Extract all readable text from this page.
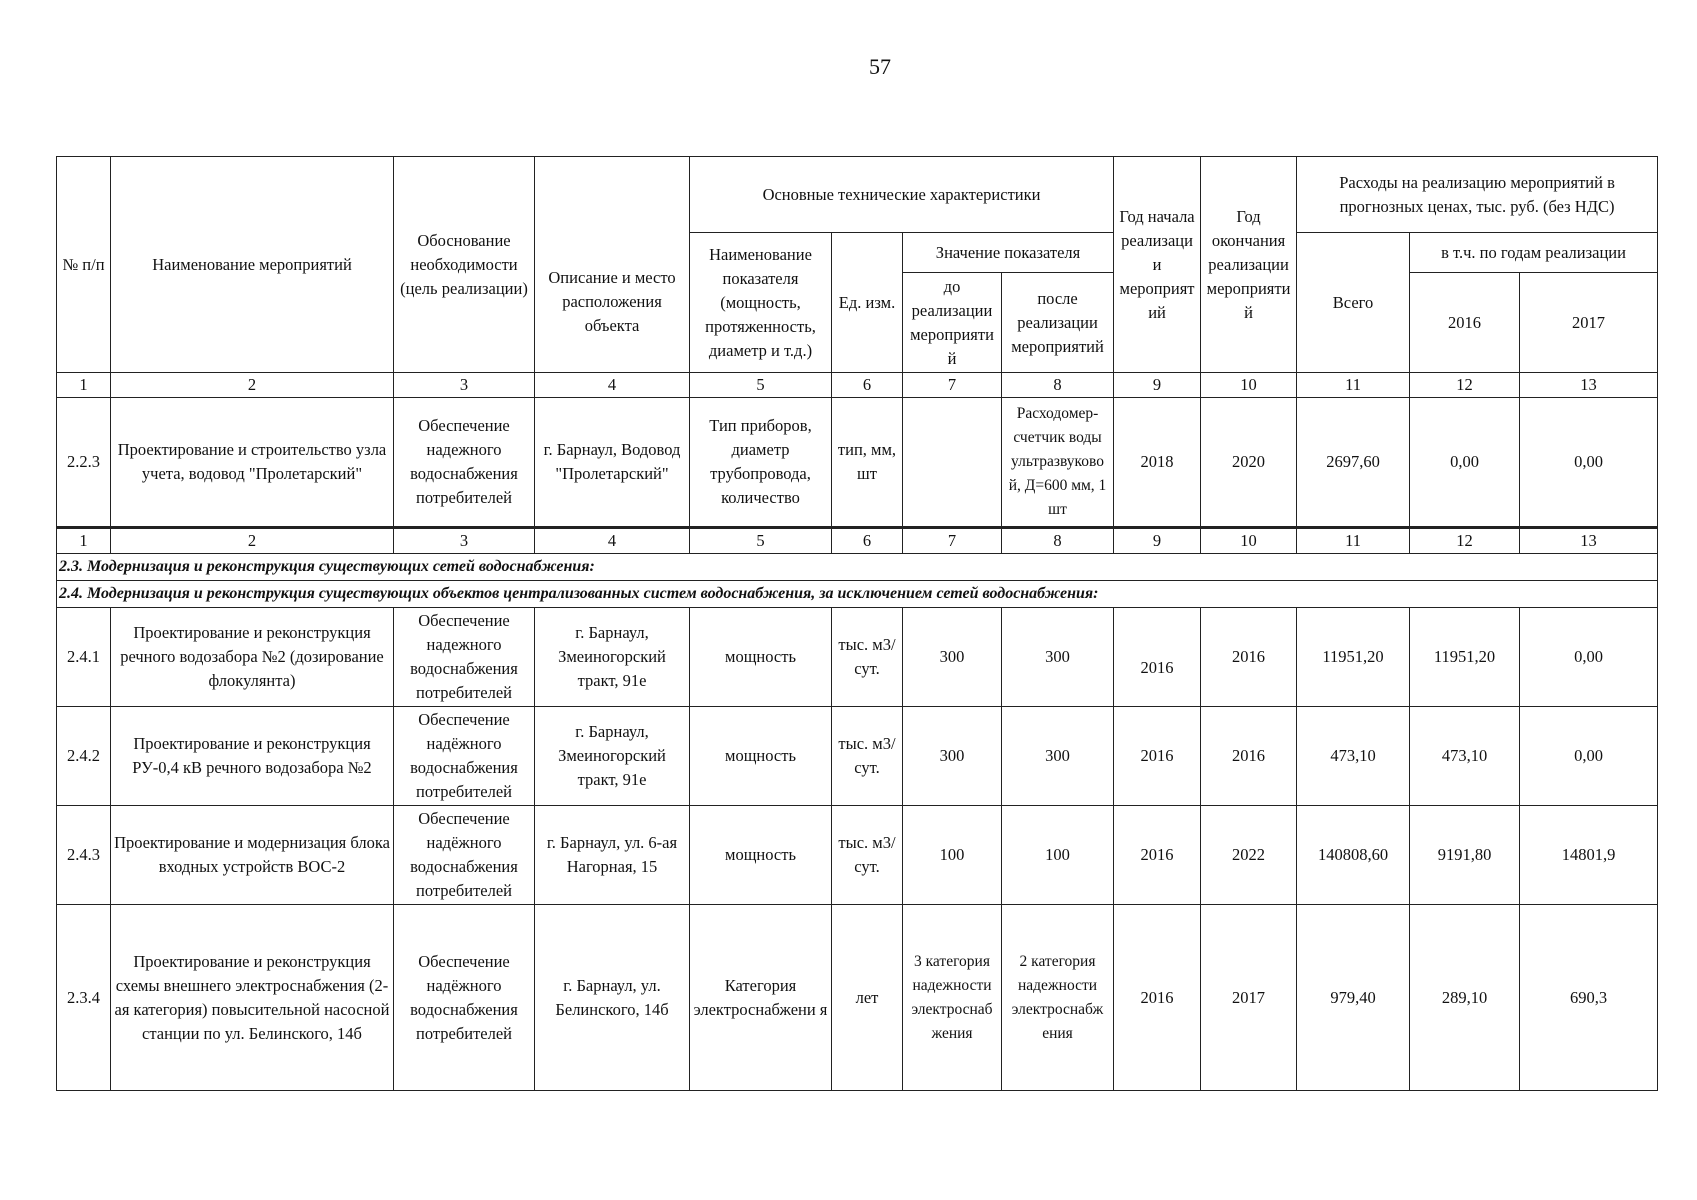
57
№ п/п	Наименование мероприятий	Обоснование необходимости (цель реализации)	Описание и место расположения объекта	Основные технические характеристики				Год начала реализаци и мероприят ий	Год окончания реализации мероприяти й	Расходы на реализацию мероприятий в прогнозных ценах, тыс. руб. (без НДС)		
				Наименование показателя (мощность, протяженность, диаметр и т.д.)	Ед. изм.	Значение показателя				Всего	в т.ч. по годам реализации	
						до реализации мероприяти й	после реализации мероприятий				2016	2017
1	2	3	4	5	6	7	8	9	10	11	12	13
2.2.3	Проектирование и строительство узла учета, водовод "Пролетарский"	Обеспечение надежного водоснабжения потребителей	г. Барнаул, Водовод "Пролетарский"	Тип приборов, диаметр трубопровода, количество	тип, мм, шт		Расходомер-счетчик воды ультразвуково й, Д=600 мм, 1 шт	2018	2020	2697,60	0,00	0,00
1	2	3	4	5	6	7	8	9	10	11	12	13
2.3. Модернизация и реконструкция существующих сетей водоснабжения:												
2.4. Модернизация и реконструкция существующих объектов централизованных систем водоснабжения, за исключением сетей водоснабжения:												
2.4.1	Проектирование и реконструкция речного водозабора №2 (дозирование флокулянта)	Обеспечение надежного водоснабжения потребителей	г. Барнаул, Змеиногорский тракт, 91е	мощность	тыс. м3/сут.	300	300	2016	2016	11951,20	11951,20	0,00
2.4.2	Проектирование и реконструкция РУ-0,4 кВ речного водозабора №2	Обеспечение надёжного водоснабжения потребителей	г. Барнаул, Змеиногорский тракт, 91е	мощность	тыс. м3/сут.	300	300	2016	2016	473,10	473,10	0,00
2.4.3	Проектирование и модернизация блока входных устройств ВОС-2	Обеспечение надёжного водоснабжения потребителей	г. Барнаул, ул. 6-ая Нагорная, 15	мощность	тыс. м3/сут.	100	100	2016	2022	140808,60	9191,80	14801,9
2.3.4	Проектирование и реконструкция схемы внешнего электроснабжения (2-ая категория) повысительной насосной станции по ул. Белинского, 14б	Обеспечение надёжного водоснабжения потребителей	г. Барнаул, ул. Белинского, 14б	Категория электроснабжени я	лет	3 категория надежности электроснаб жения	2 категория надежности электроснабж ения	2016	2017	979,40	289,10	690,3
